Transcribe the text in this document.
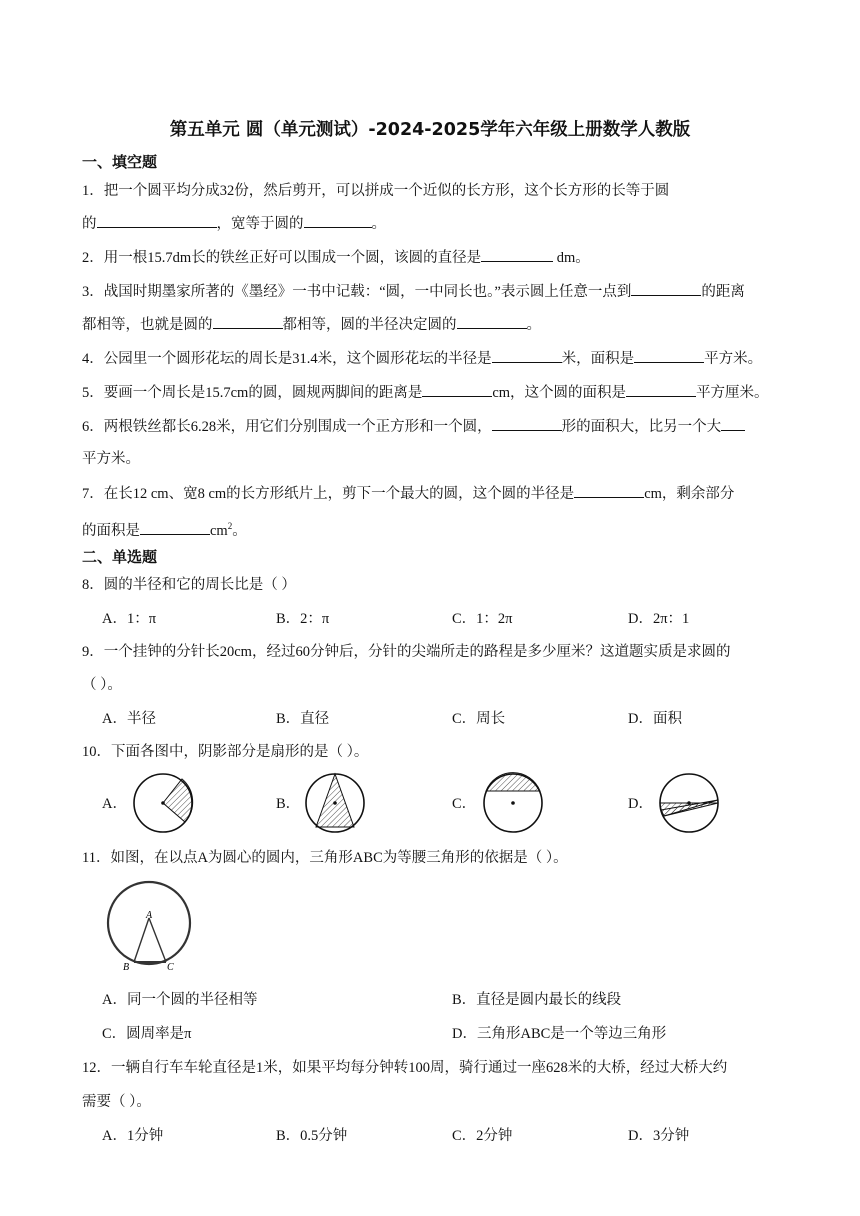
第五单元 圆（单元测试）-2024-2025学年六年级上册数学人教版
一、填空题
1．把一个圆平均分成32份，然后剪开，可以拼成一个近似的长方形，这个长方形的长等于圆
的	，宽等于圆的	。
2．用一根15.7dm长的铁丝正好可以围成一个圆，该圆的直径是	dm。
3．战国时期墨家所著的《墨经》一书中记载：“圆，一中同长也。”表示圆上任意一点到	的距离
都相等，也就是圆的	都相等，圆的半径决定圆的	。
4．公园里一个圆形花坛的周长是31.4米，这个圆形花坛的半径是	米，面积是	平方米。
5．要画一个周长是15.7cm的圆，圆规两脚间的距离是	cm，这个圆的面积是	平方厘米。
6．两根铁丝都长6.28米，用它们分别围成一个正方形和一个圆，	形的面积大，比另一个大
平方米。
7．在长12 cm、宽8 cm的长方形纸片上，剪下一个最大的圆，这个圆的半径是	cm，剩余部分
的面积是	$cm^2$。
二、单选题
8．圆的半径和它的周长比是（ ）
A．1：π	B．2：π	C．1：2π	D．2π：1
9．一个挂钟的分针长20cm，经过60分钟后，分针的尖端所走的路程是多少厘米？这道题实质是求圆的
（ ）。
A．半径	B．直径	C．周长	D．面积
10．下面各图中，阴影部分是扇形的是（ ）。
A．	B．	C．	D．
11．如图，在以点A为圆心的圆内，三角形ABC为等腰三角形的依据是（ ）。
A
B	C
A．同一个圆的半径相等	B．直径是圆内最长的线段
C．圆周率是π	D．三角形ABC是一个等边三角形
12．一辆自行车车轮直径是1米，如果平均每分钟转100周，骑行通过一座628米的大桥，经过大桥大约
需要（ ）。
A．1分钟	B．0.5分钟	C．2分钟	D．3分钟
